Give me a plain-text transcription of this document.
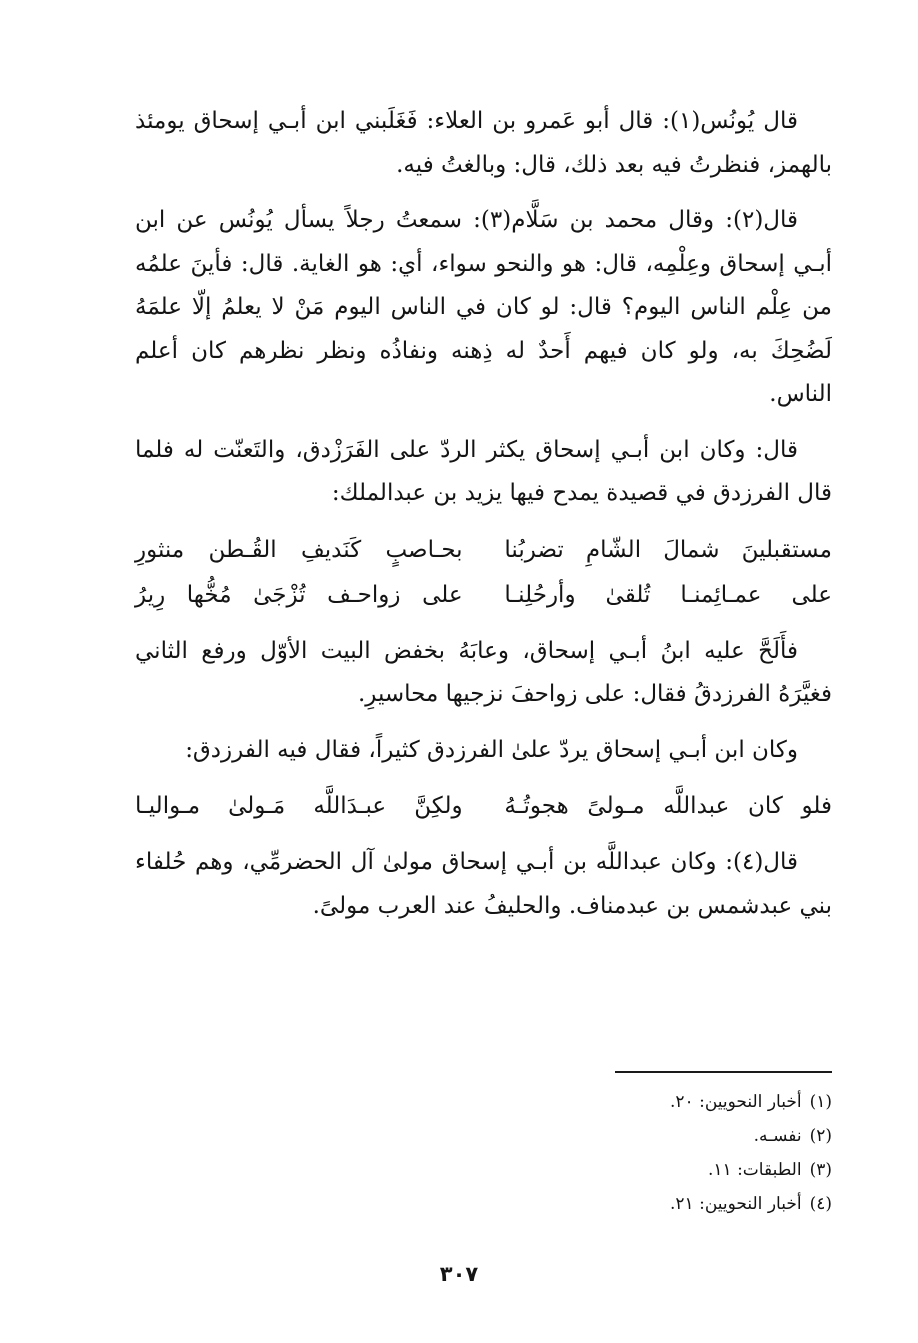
قال يُونُس(١): قال أبو عَمرو بن العلاء: فَغَلَبني ابن أبـي إسحاق يومئذ بالهمز، فنظرتُ فيه بعد ذلك، قال: وبالغتُ فيه.

قال(٢): وقال محمد بن سَلَّام(٣): سمعتُ رجلاً يسأل يُونُس عن ابن أبـي إسحاق وعِلْمِه، قال: هو والنحو سواء، أي: هو الغاية. قال: فأينَ علمُه من عِلْم الناس اليوم؟ قال: لو كان في الناس اليوم مَنْ لا يعلمُ إلّا علمَهُ لَضُحِكَ به، ولو كان فيهم أَحدٌ له ذِهنه ونفاذُه ونظر نظرهم كان أعلم الناس.

قال: وكان ابن أبـي إسحاق يكثر الردّ على الفَرَزْدق، والتَعنّت له فلما قال الفرزدق في قصيدة يمدح فيها يزيد بن عبدالملك:

مستقبلينَ شمالَ الشّامِ تضربُنا
بحـاصبٍ كَنَديفِ القُـطن منثورِ
على عمـائِمنـا تُلقىٰ وأرحُلِنـا
على زواحـف تُزْجَىٰ مُخُّها رِيرُ

فأَلَحَّ عليه ابنُ أبـي إسحاق، وعابَهُ بخفض البيت الأوّل ورفع الثاني فغيَّرَهُ الفرزدقُ فقال: على زواحفَ نزجيها محاسيرِ.

وكان ابن أبـي إسحاق يردّ علىٰ الفرزدق كثيراً، فقال فيه الفرزدق:

فلو كان عبداللَّه مـولىً هجوتُـهُ
ولكِنَّ عبـدَاللَّه مَـولىٰ مـواليـا

قال(٤): وكان عبداللَّه بن أبـي إسحاق مولىٰ آل الحضرمِّي، وهم حُلفاء بني عبدشمس بن عبدمناف. والحليفُ عند العرب مولىً.

(١)أخبار النحويين: ٢٠.
(٢)نفسـه.
(٣)الطبقات: ١١.
(٤)أخبار النحويين: ٢١.
٣٠٧
